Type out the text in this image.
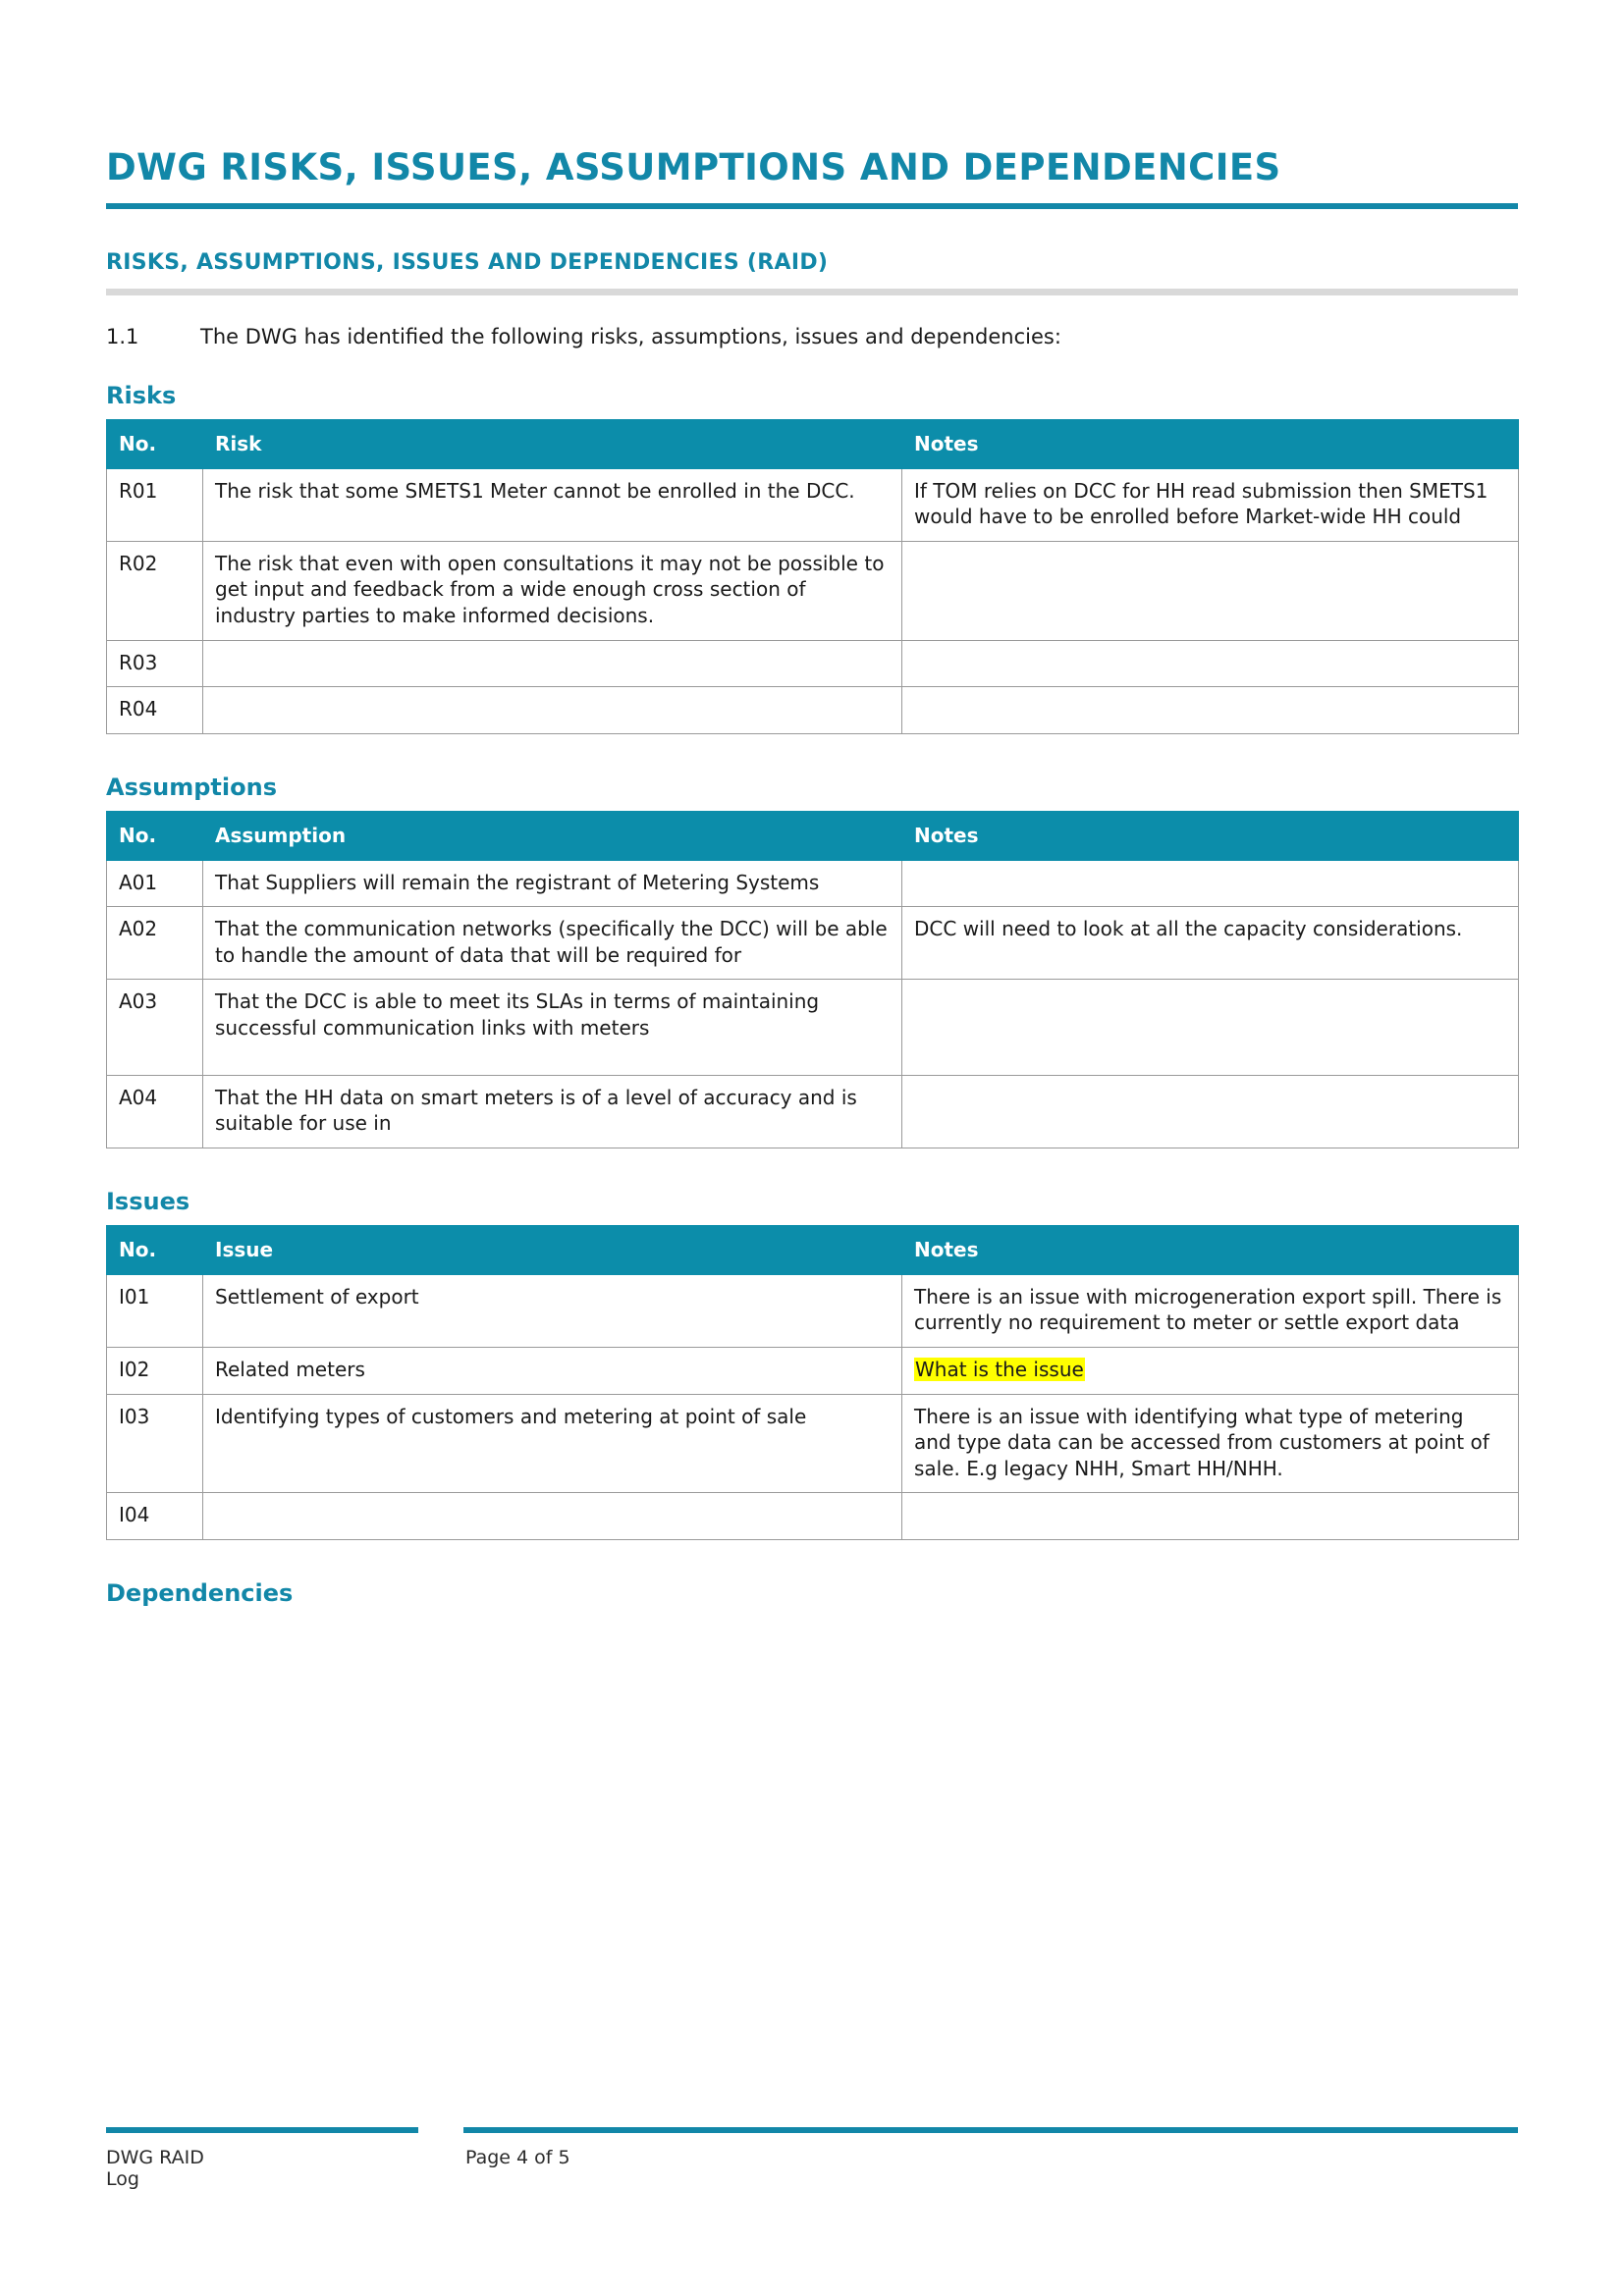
DWG RISKS, ISSUES, ASSUMPTIONS AND DEPENDENCIES
RISKS, ASSUMPTIONS, ISSUES AND DEPENDENCIES (RAID)
1.1	The DWG has identified the following risks, assumptions, issues and dependencies:
Risks
No.	Risk	Notes
R01	The risk that some SMETS1 Meter cannot be enrolled in the DCC.	If TOM relies on DCC for HH read submission then SMETS1 would have to be enrolled before Market-wide HH could
R02	The risk that even with open consultations it may not be possible to get input and feedback from a wide enough cross section of industry parties to make informed decisions.	
R03		
R04		
Assumptions
No.	Assumption	Notes
A01	That Suppliers will remain the registrant of Metering Systems	
A02	That the communication networks (specifically the DCC) will be able to handle the amount of data that will be required for	DCC will need to look at all the capacity considerations.
A03	That the DCC is able to meet its SLAs in terms of maintaining successful communication links with meters	
A04	That the HH data on smart meters is of a level of accuracy and is suitable for use in	
Issues
No.	Issue	Notes
I01	Settlement of export	There is an issue with microgeneration export spill. There is currently no requirement to meter or settle export data
I02	Related meters	What is the issue
I03	Identifying types of customers and metering at point of sale	There is an issue with identifying what type of metering and type data can be accessed from customers at point of sale. E.g legacy NHH, Smart HH/NHH.
I04		
Dependencies
DWG RAID
Log
Page 4 of 5
